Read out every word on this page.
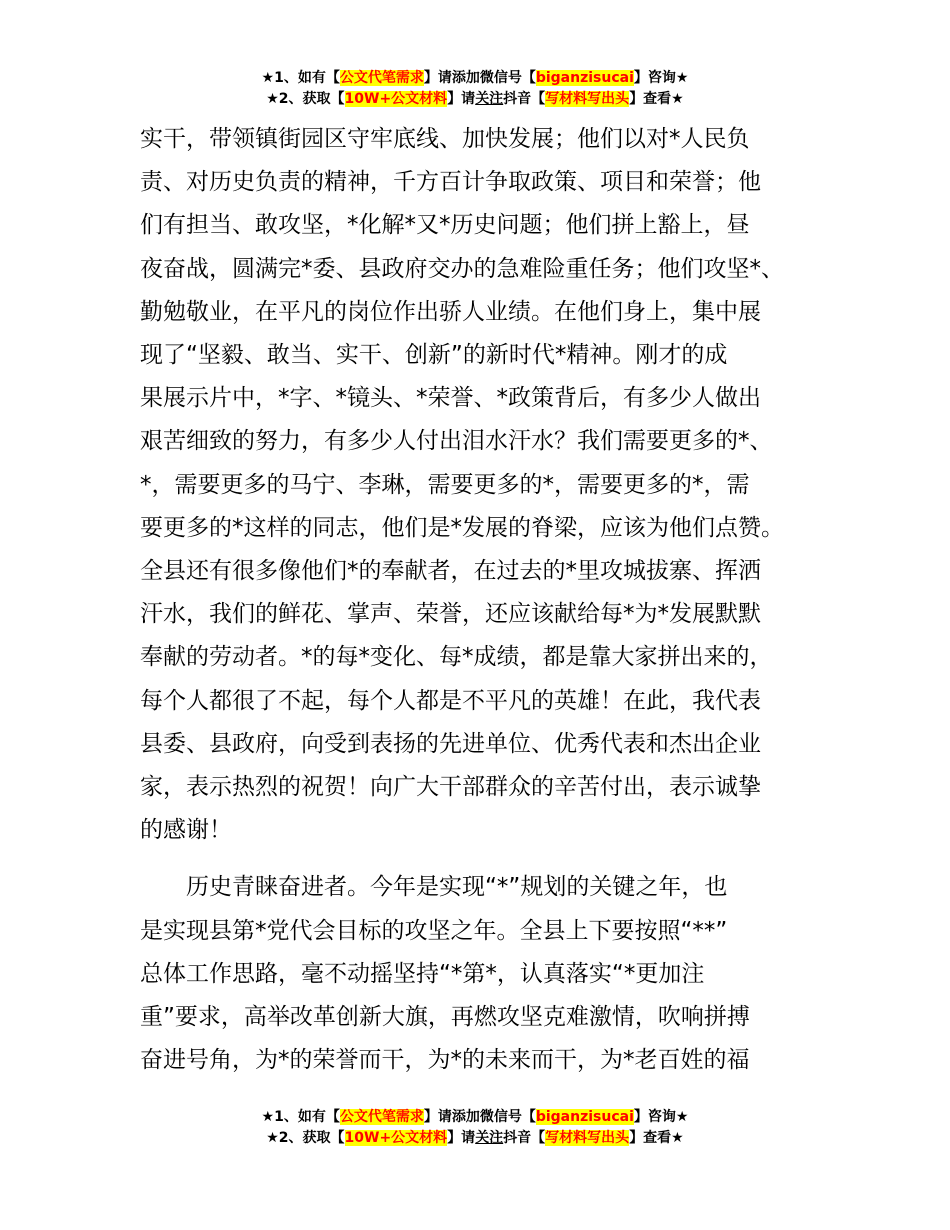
★1、如有【公文代笔需求】请添加微信号【biganzisucai】咨询★
★2、获取【10W+公文材料】请关注抖音【写材料写出头】查看★

实干，带领镇街园区守牢底线、加快发展；他们以对*人民负

责、对历史负责的精神，千方百计争取政策、项目和荣誉；他

们有担当、敢攻坚，*化解*又*历史问题；他们拼上豁上，昼

夜奋战，圆满完*委、县政府交办的急难险重任务；他们攻坚*、

勤勉敬业，在平凡的岗位作出骄人业绩。在他们身上，集中展

现了“坚毅、敢当、实干、创新”的新时代*精神。刚才的成

果展示片中，*字、*镜头、*荣誉、*政策背后，有多少人做出

艰苦细致的努力，有多少人付出泪水汗水？我们需要更多的*、

*，需要更多的马宁、李琳，需要更多的*，需要更多的*，需

要更多的*这样的同志，他们是*发展的脊梁，应该为他们点赞。

全县还有很多像他们*的奉献者，在过去的*里攻城拔寨、挥洒

汗水，我们的鲜花、掌声、荣誉，还应该献给每*为*发展默默

奉献的劳动者。*的每*变化、每*成绩，都是靠大家拼出来的，

每个人都很了不起，每个人都是不平凡的英雄！在此，我代表

县委、县政府，向受到表扬的先进单位、优秀代表和杰出企业

家，表示热烈的祝贺！向广大干部群众的辛苦付出，表示诚挚

的感谢！

历史青睐奋进者。今年是实现“*”规划的关键之年，也

是实现县第*党代会目标的攻坚之年。全县上下要按照“**”

总体工作思路，毫不动摇坚持“*第*，认真落实“*更加注

重”要求，高举改革创新大旗，再燃攻坚克难激情，吹响拼搏

奋进号角，为*的荣誉而干，为*的未来而干，为*老百姓的福

★1、如有【公文代笔需求】请添加微信号【biganzisucai】咨询★
★2、获取【10W+公文材料】请关注抖音【写材料写出头】查看★
